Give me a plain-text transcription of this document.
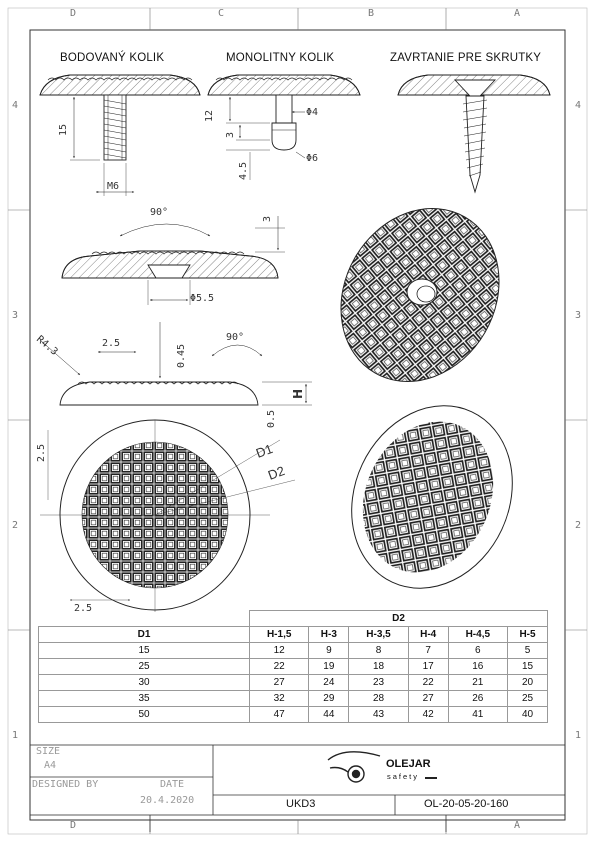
15
M6
12
3
4.5
Φ4
Φ6
90°
3
Φ5.5
R4.3	2.5
0.45
90°
H
0.5
2.5	D1
D2
2.5
D	C	B	A
D	A
4
3
2
1
4
3
2
1
BODOVANÝ KOLIK	MONOLITNY KOLIK	ZAVRTANIE PRE SKRUTKY
	D2					
D1	H-1,5	H-3	H-3,5	H-4	H-4,5	H-5
15	12	9	8	7	6	5
25	22	19	18	17	16	15
30	27	24	23	22	21	20
35	32	29	28	27	26	25
50	47	44	43	42	41	40
SIZE
A4
DESIGNED BY	DATE
20.4.2020
OLEJAR
safety
UKD3	OL-20-05-20-160
